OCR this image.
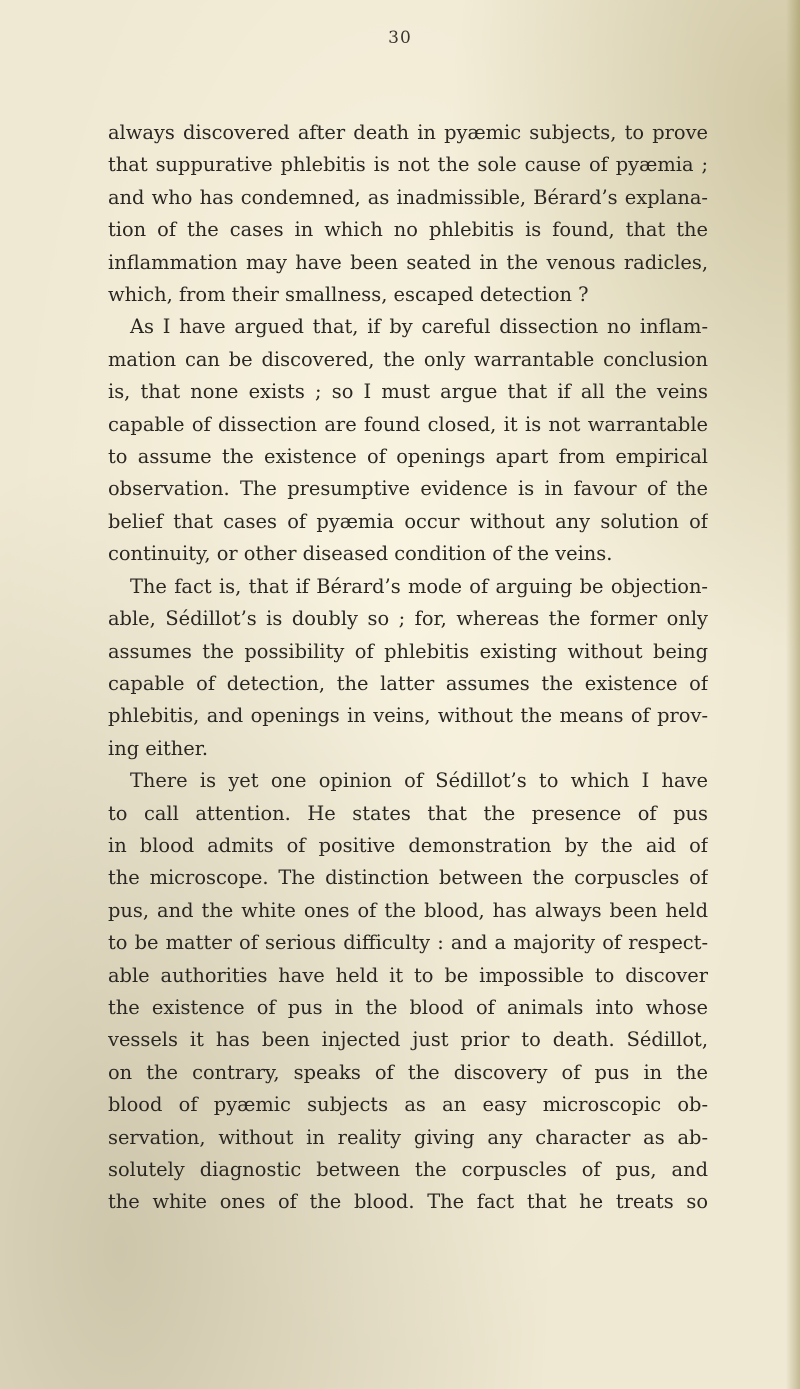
30
always discovered after death in pyæmic subjects, to prove
that suppurative phlebitis is not the sole cause of pyæmia ;
and who has condemned, as inadmissible, Bérard’s explana-
tion of the cases in which no phlebitis is found, that the
inflammation may have been seated in the venous radicles,
which, from their smallness, escaped detection ?
As I have argued that, if by careful dissection no inflam-
mation can be discovered, the only warrantable conclusion
is, that none exists ; so I must argue that if all the veins
capable of dissection are found closed, it is not warrantable
to assume the existence of openings apart from empirical
observation. The presumptive evidence is in favour of the
belief that cases of pyæmia occur without any solution of
continuity, or other diseased condition of the veins.
The fact is, that if Bérard’s mode of arguing be objection-
able, Sédillot’s is doubly so ; for, whereas the former only
assumes the possibility of phlebitis existing without being
capable of detection, the latter assumes the existence of
phlebitis, and openings in veins, without the means of prov-
ing either.
There is yet one opinion of Sédillot’s to which I have
to call attention. He states that the presence of pus
in blood admits of positive demonstration by the aid of
the microscope. The distinction between the corpuscles of
pus, and the white ones of the blood, has always been held
to be matter of serious difficulty : and a majority of respect-
able authorities have held it to be impossible to discover
the existence of pus in the blood of animals into whose
vessels it has been injected just prior to death. Sédillot,
on the contrary, speaks of the discovery of pus in the
blood of pyæmic subjects as an easy microscopic ob-
servation, without in reality giving any character as ab-
solutely diagnostic between the corpuscles of pus, and
the white ones of the blood. The fact that he treats so
